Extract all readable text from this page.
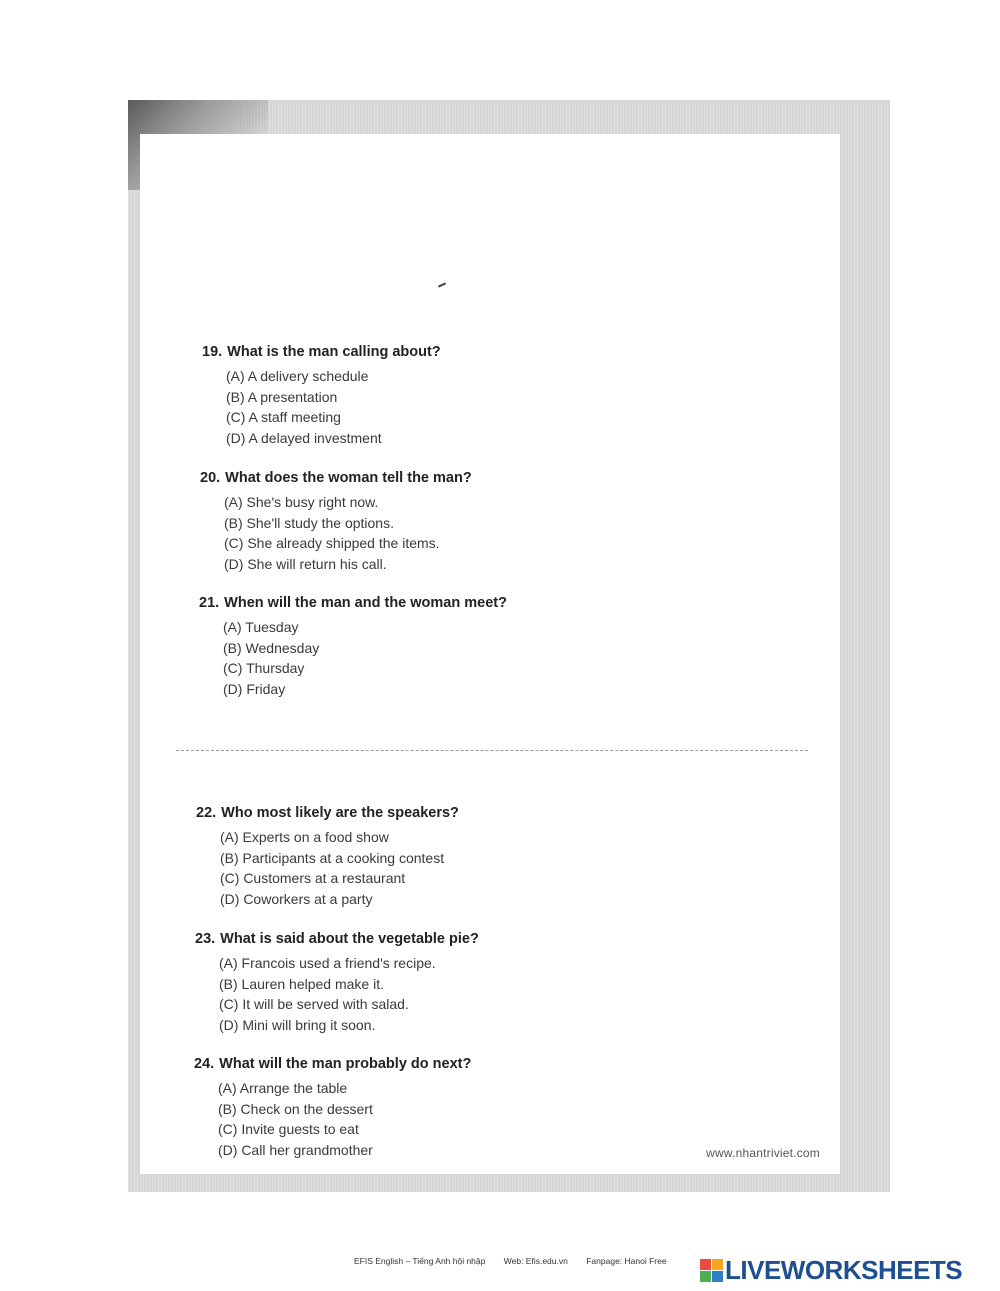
19. What is the man calling about?

(A) A delivery schedule
(B) A presentation
(C) A staff meeting
(D) A delayed investment

20. What does the woman tell the man?

(A) She's busy right now.
(B) She'll study the options.
(C) She already shipped the items.
(D) She will return his call.

21. When will the man and the woman meet?

(A) Tuesday
(B) Wednesday
(C) Thursday
(D) Friday

22. Who most likely are the speakers?

(A) Experts on a food show
(B) Participants at a cooking contest
(C) Customers at a restaurant
(D) Coworkers at a party

23. What is said about the vegetable pie?

(A) Francois used a friend's recipe.
(B) Lauren helped make it.
(C) It will be served with salad.
(D) Mini will bring it soon.

24. What will the man probably do next?

(A) Arrange the table
(B) Check on the dessert
(C) Invite guests to eat
(D) Call her grandmother	www.nhantriviet.com
EFIS English – Tiếng Anh hội nhập Web: Efis.edu.vn Fanpage: Hanoi Free	LIVEWORKSHEETS
